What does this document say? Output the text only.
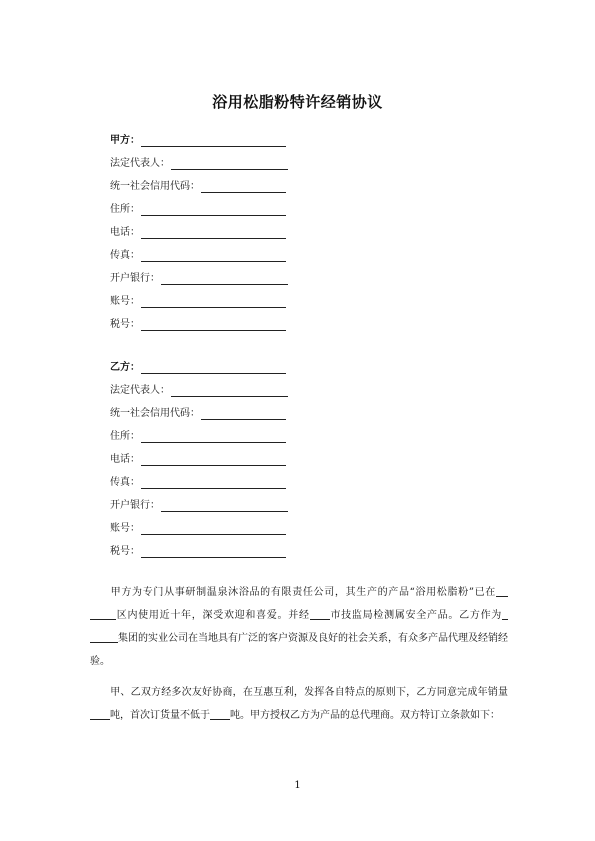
浴用松脂粉特许经销协议
甲方：
法定代表人：
统一社会信用代码：
住所：
电话：
传真：
开户银行：
账号：
税号：
乙方：
法定代表人：
统一社会信用代码：
住所：
电话：
传真：
开户银行：
账号：
税号：
甲方为专门从事研制温泉沐浴品的有限责任公司，其生产的产品“浴用松脂粉”已在区内使用近十年，深受欢迎和喜爱。并经 市技监局检测属安全产品。乙方作为集团的实业公司在当地具有广泛的客户资源及良好的社会关系，有众多产品代理及经销经验。
甲、乙双方经多次友好协商，在互惠互利，发挥各自特点的原则下，乙方同意完成年销量吨，首次订货量不低于 吨。甲方授权乙方为产品的总代理商。双方特订立条款如下：
1
